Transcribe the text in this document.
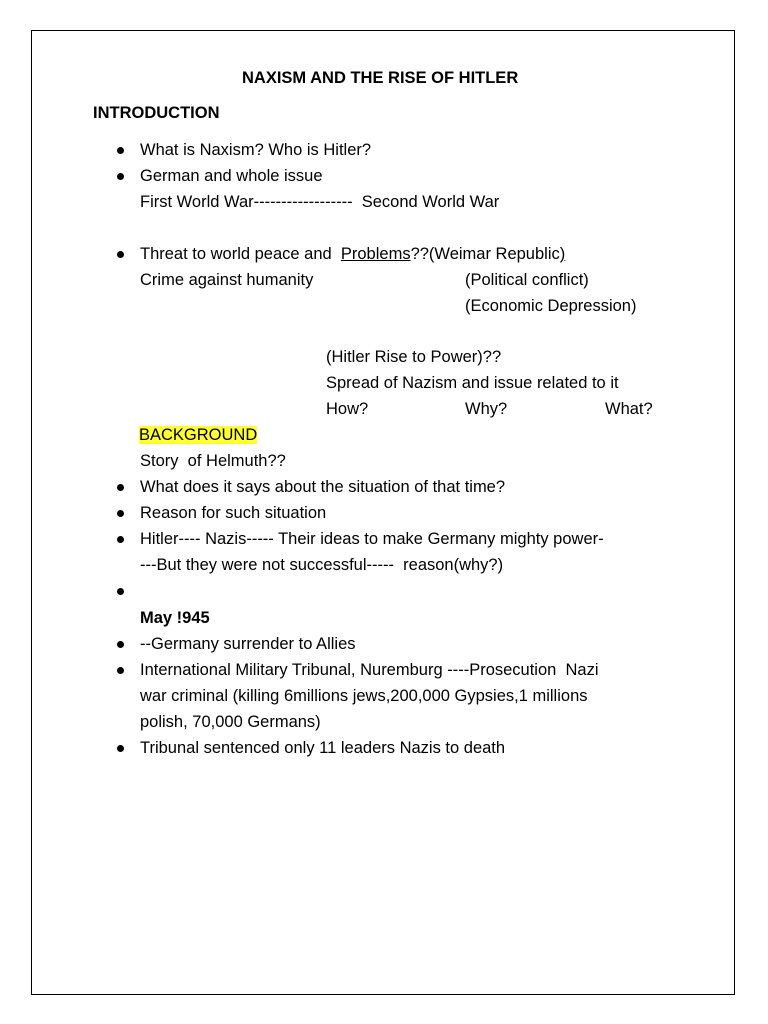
NAXISM AND THE RISE OF HITLER
INTRODUCTION
What is Naxism? Who is Hitler?
German and whole issue
First World War------------------  Second World War
Threat to world peace and  Problems??(Weimar Republic)
Crime against humanity	(Political conflict)
(Economic Depression)
(Hitler Rise to Power)??
Spread of Nazism and issue related to it
How?	Why?	What?
BACKGROUND
Story  of Helmuth??
What does it says about the situation of that time?
Reason for such situation
Hitler---- Nazis----- Their ideas to make Germany mighty power-
---But they were not successful-----  reason(why?)
May !945
--Germany surrender to Allies
International Military Tribunal, Nuremburg ----Prosecution  Nazi
war criminal (killing 6millions jews,200,000 Gypsies,1 millions
polish, 70,000 Germans)
Tribunal sentenced only 11 leaders Nazis to death
